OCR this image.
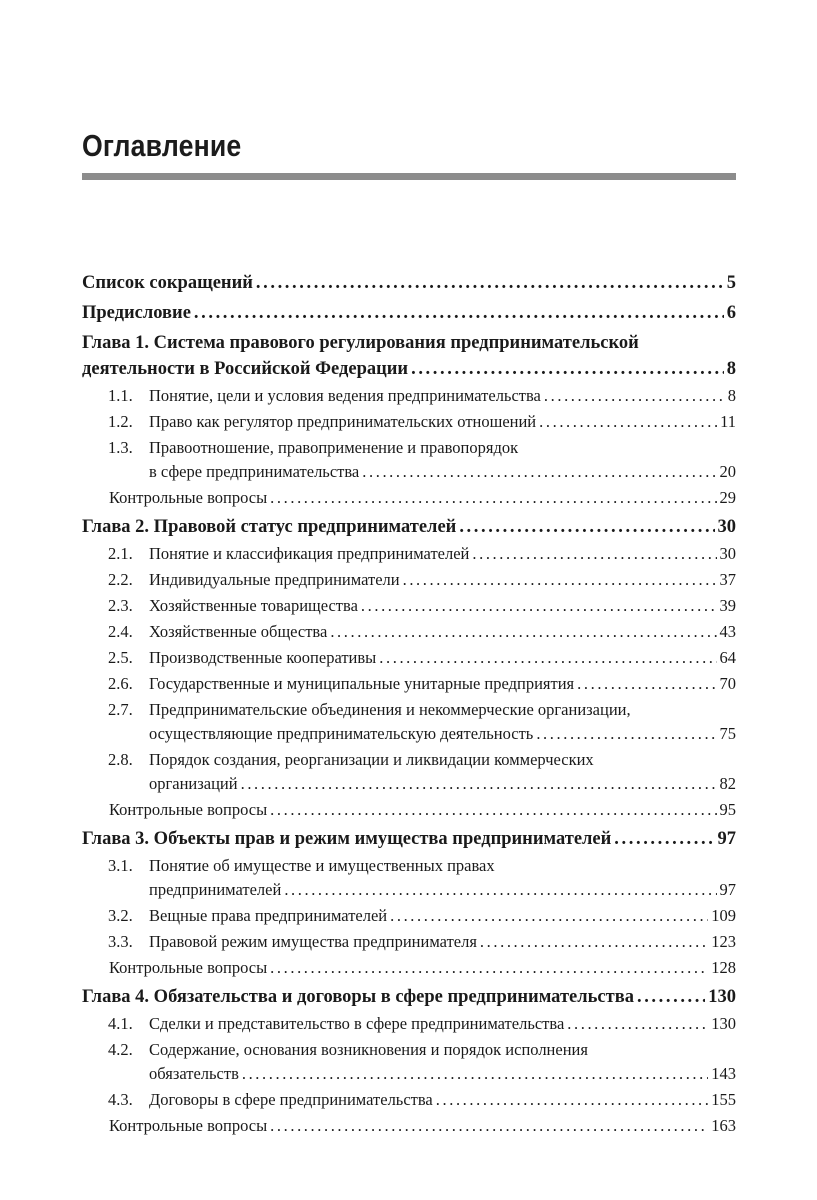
Оглавление
Список сокращений .....	5
Предисловие .....	6
Глава 1. Система правового регулирования предпринимательской
деятельности в Российской Федерации .....	8
1.1. Понятие, цели и условия ведения предпринимательства .....	8
1.2. Право как регулятор предпринимательских отношений .....	11
1.3. Правоотношение, правоприменение и правопорядок
в сфере предпринимательства .....	20
Контрольные вопросы .....	29
Глава 2. Правовой статус предпринимателей .....	30
2.1. Понятие и классификация предпринимателей .....	30
2.2. Индивидуальные предприниматели .....	37
2.3. Хозяйственные товарищества .....	39
2.4. Хозяйственные общества .....	43
2.5. Производственные кооперативы .....	64
2.6. Государственные и муниципальные унитарные предприятия .....	70
2.7. Предпринимательские объединения и некоммерческие организации,
осуществляющие предпринимательскую деятельность .....	75
2.8. Порядок создания, реорганизации и ликвидации коммерческих
организаций .....	82
Контрольные вопросы .....	95
Глава 3. Объекты прав и режим имущества предпринимателей .....	97
3.1. Понятие об имуществе и имущественных правах
предпринимателей .....	97
3.2. Вещные права предпринимателей .....	109
3.3. Правовой режим имущества предпринимателя .....	123
Контрольные вопросы .....	128
Глава 4. Обязательства и договоры в сфере предпринимательства .....	130
4.1. Сделки и представительство в сфере предпринимательства .....	130
4.2. Содержание, основания возникновения и порядок исполнения
обязательств .....	143
4.3. Договоры в сфере предпринимательства .....	155
Контрольные вопросы .....	163
